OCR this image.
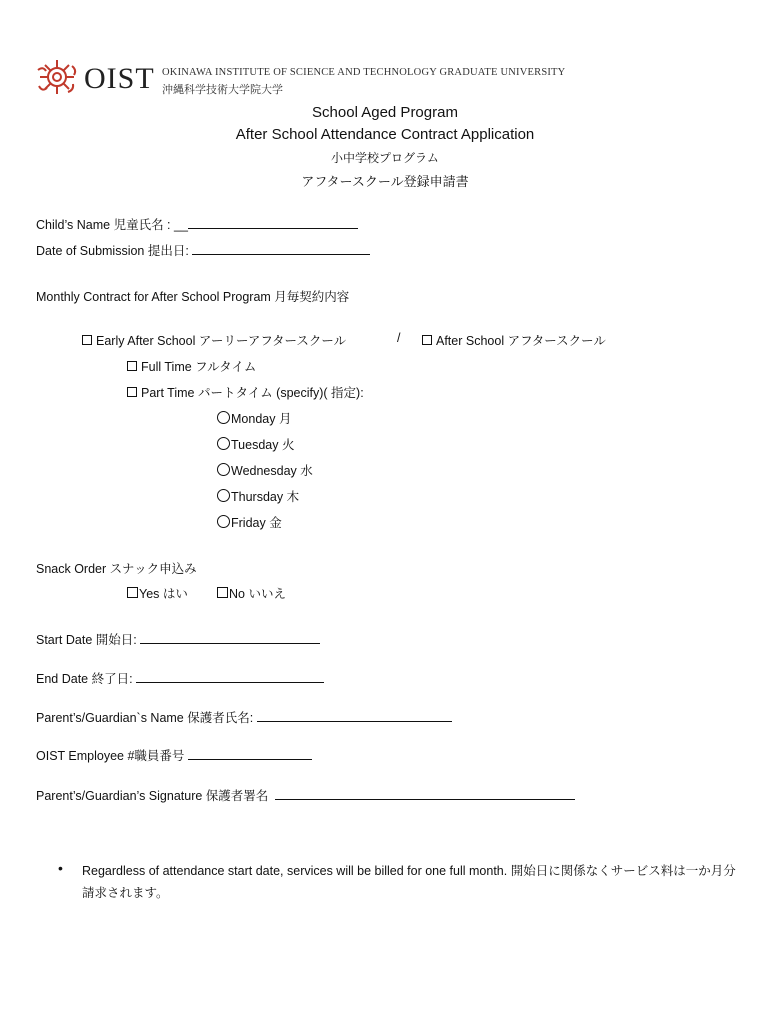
OIST OKINAWA INSTITUTE OF SCIENCE AND TECHNOLOGY GRADUATE UNIVERSITY
沖縄科学技術大学院大学
School Aged Program
After School Attendance Contract Application
小中学校プログラム
アフタースクール登録申請書
Child’s Name 児童氏名 : __
Date of Submission 提出日:
Monthly Contract for After School Program 月毎契約内容
Early After School アーリーアフタースクール	/	After School アフタースクール
Full Time フルタイム
Part Time パートタイム (specify)( 指定):
Monday 月
Tuesday 火
Wednesday 水
Thursday 木
Friday 金
Snack Order スナック申込み
Yes はい	No いいえ
Start Date 開始日:
End Date 終了日:
Parent’s/Guardian`s Name 保護者氏名:
OIST Employee #職員番号
Parent’s/Guardian’s Signature 保護者署名
• Regardless of attendance start date, services will be billed for one full month. 開始日に関係なくサービス料は一か月分請求されます。
